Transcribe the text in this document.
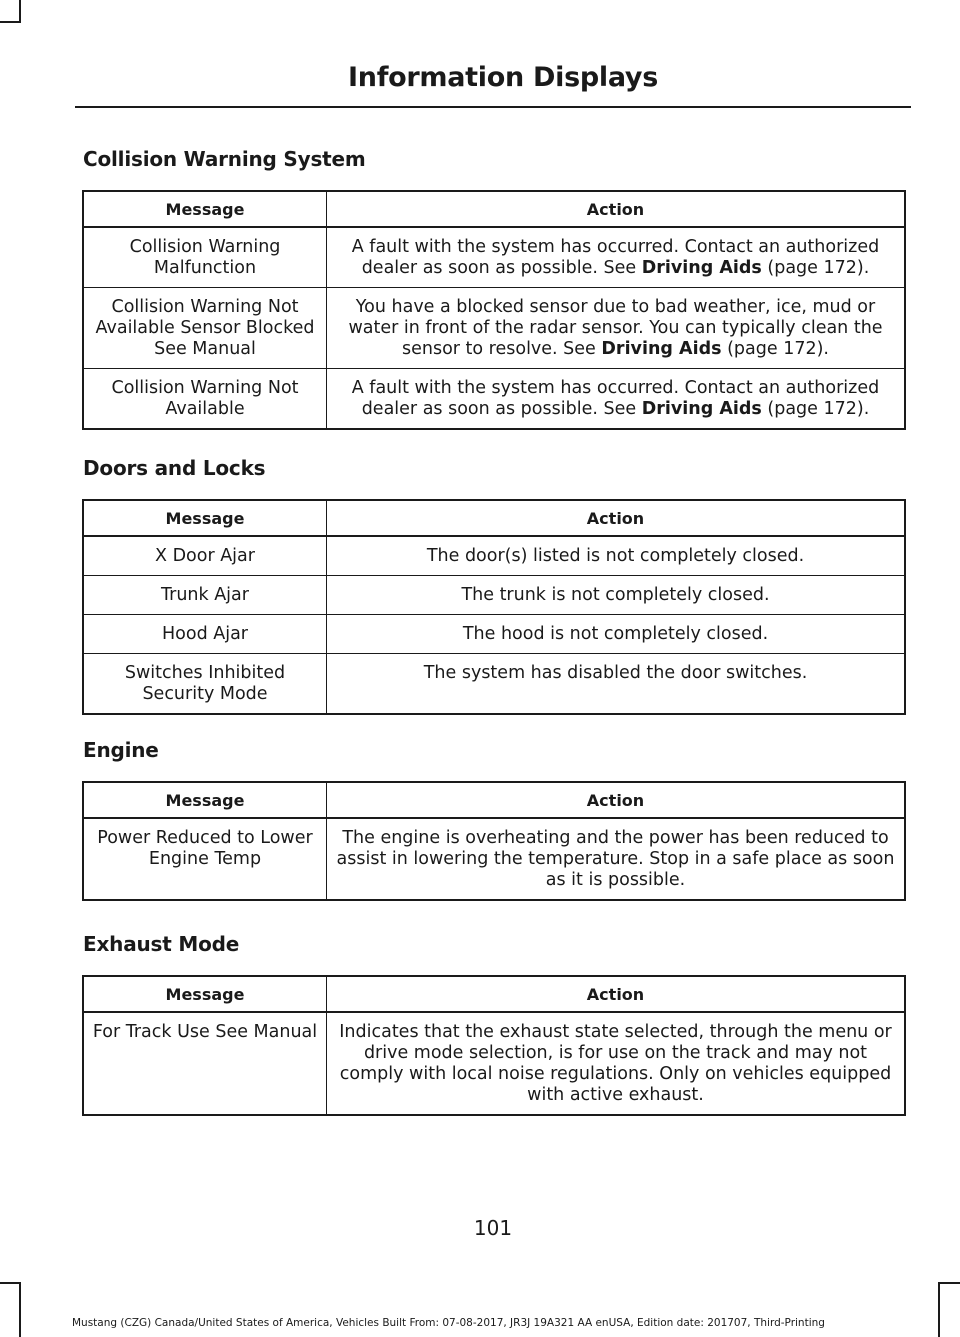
Information Displays
Collision Warning System
Message	Action
Collision Warning Malfunction	A fault with the system has occurred. Contact an authorized dealer as soon as possible. See Driving Aids (page 172).
Collision Warning Not Available Sensor Blocked See Manual	You have a blocked sensor due to bad weather, ice, mud or water in front of the radar sensor. You can typically clean the sensor to resolve. See Driving Aids (page 172).
Collision Warning Not Available	A fault with the system has occurred. Contact an authorized dealer as soon as possible. See Driving Aids (page 172).
Doors and Locks
Message	Action
X Door Ajar	The door(s) listed is not completely closed.
Trunk Ajar	The trunk is not completely closed.
Hood Ajar	The hood is not completely closed.
Switches Inhibited Security Mode	The system has disabled the door switches.
Engine
Message	Action
Power Reduced to Lower Engine Temp	The engine is overheating and the power has been reduced to assist in lowering the temperature. Stop in a safe place as soon as it is possible.
Exhaust Mode
Message	Action
For Track Use See Manual	Indicates that the exhaust state selected, through the menu or drive mode selection, is for use on the track and may not comply with local noise regulations. Only on vehicles equipped with active exhaust.
101
Mustang (CZG) Canada/United States of America, Vehicles Built From: 07-08-2017, JR3J 19A321 AA enUSA, Edition date: 201707, Third-Printing
